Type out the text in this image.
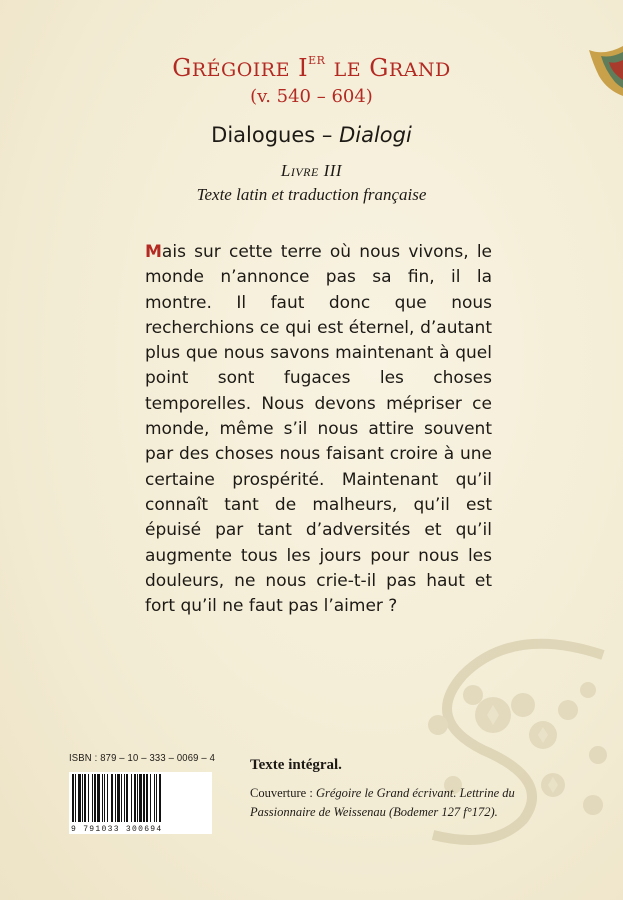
GRÉGOIRE IER LE GRAND
(v. 540 – 604)
Dialogues – Dialogi
Livre III
Texte latin et traduction française
Mais sur cette terre où nous vivons, le monde n’annonce pas sa fin, il la montre. Il faut donc que nous recherchions ce qui est éternel, d’autant plus que nous savons maintenant à quel point sont fugaces les choses temporelles. Nous devons mépriser ce monde, même s’il nous attire souvent par des choses nous faisant croire à une certaine prospérité. Maintenant qu’il connaît tant de malheurs, qu’il est épuisé par tant d’adversités et qu’il augmente tous les jours pour nous les douleurs, ne nous crie-t-il pas haut et fort qu’il ne faut pas l’aimer ?
ISBN : 879 – 10 – 333 – 0069 – 4
9 791033 300694
Texte intégral.
Couverture : Grégoire le Grand écrivant. Lettrine du Passionnaire de Weissenau (Bodemer 127 f°172).
